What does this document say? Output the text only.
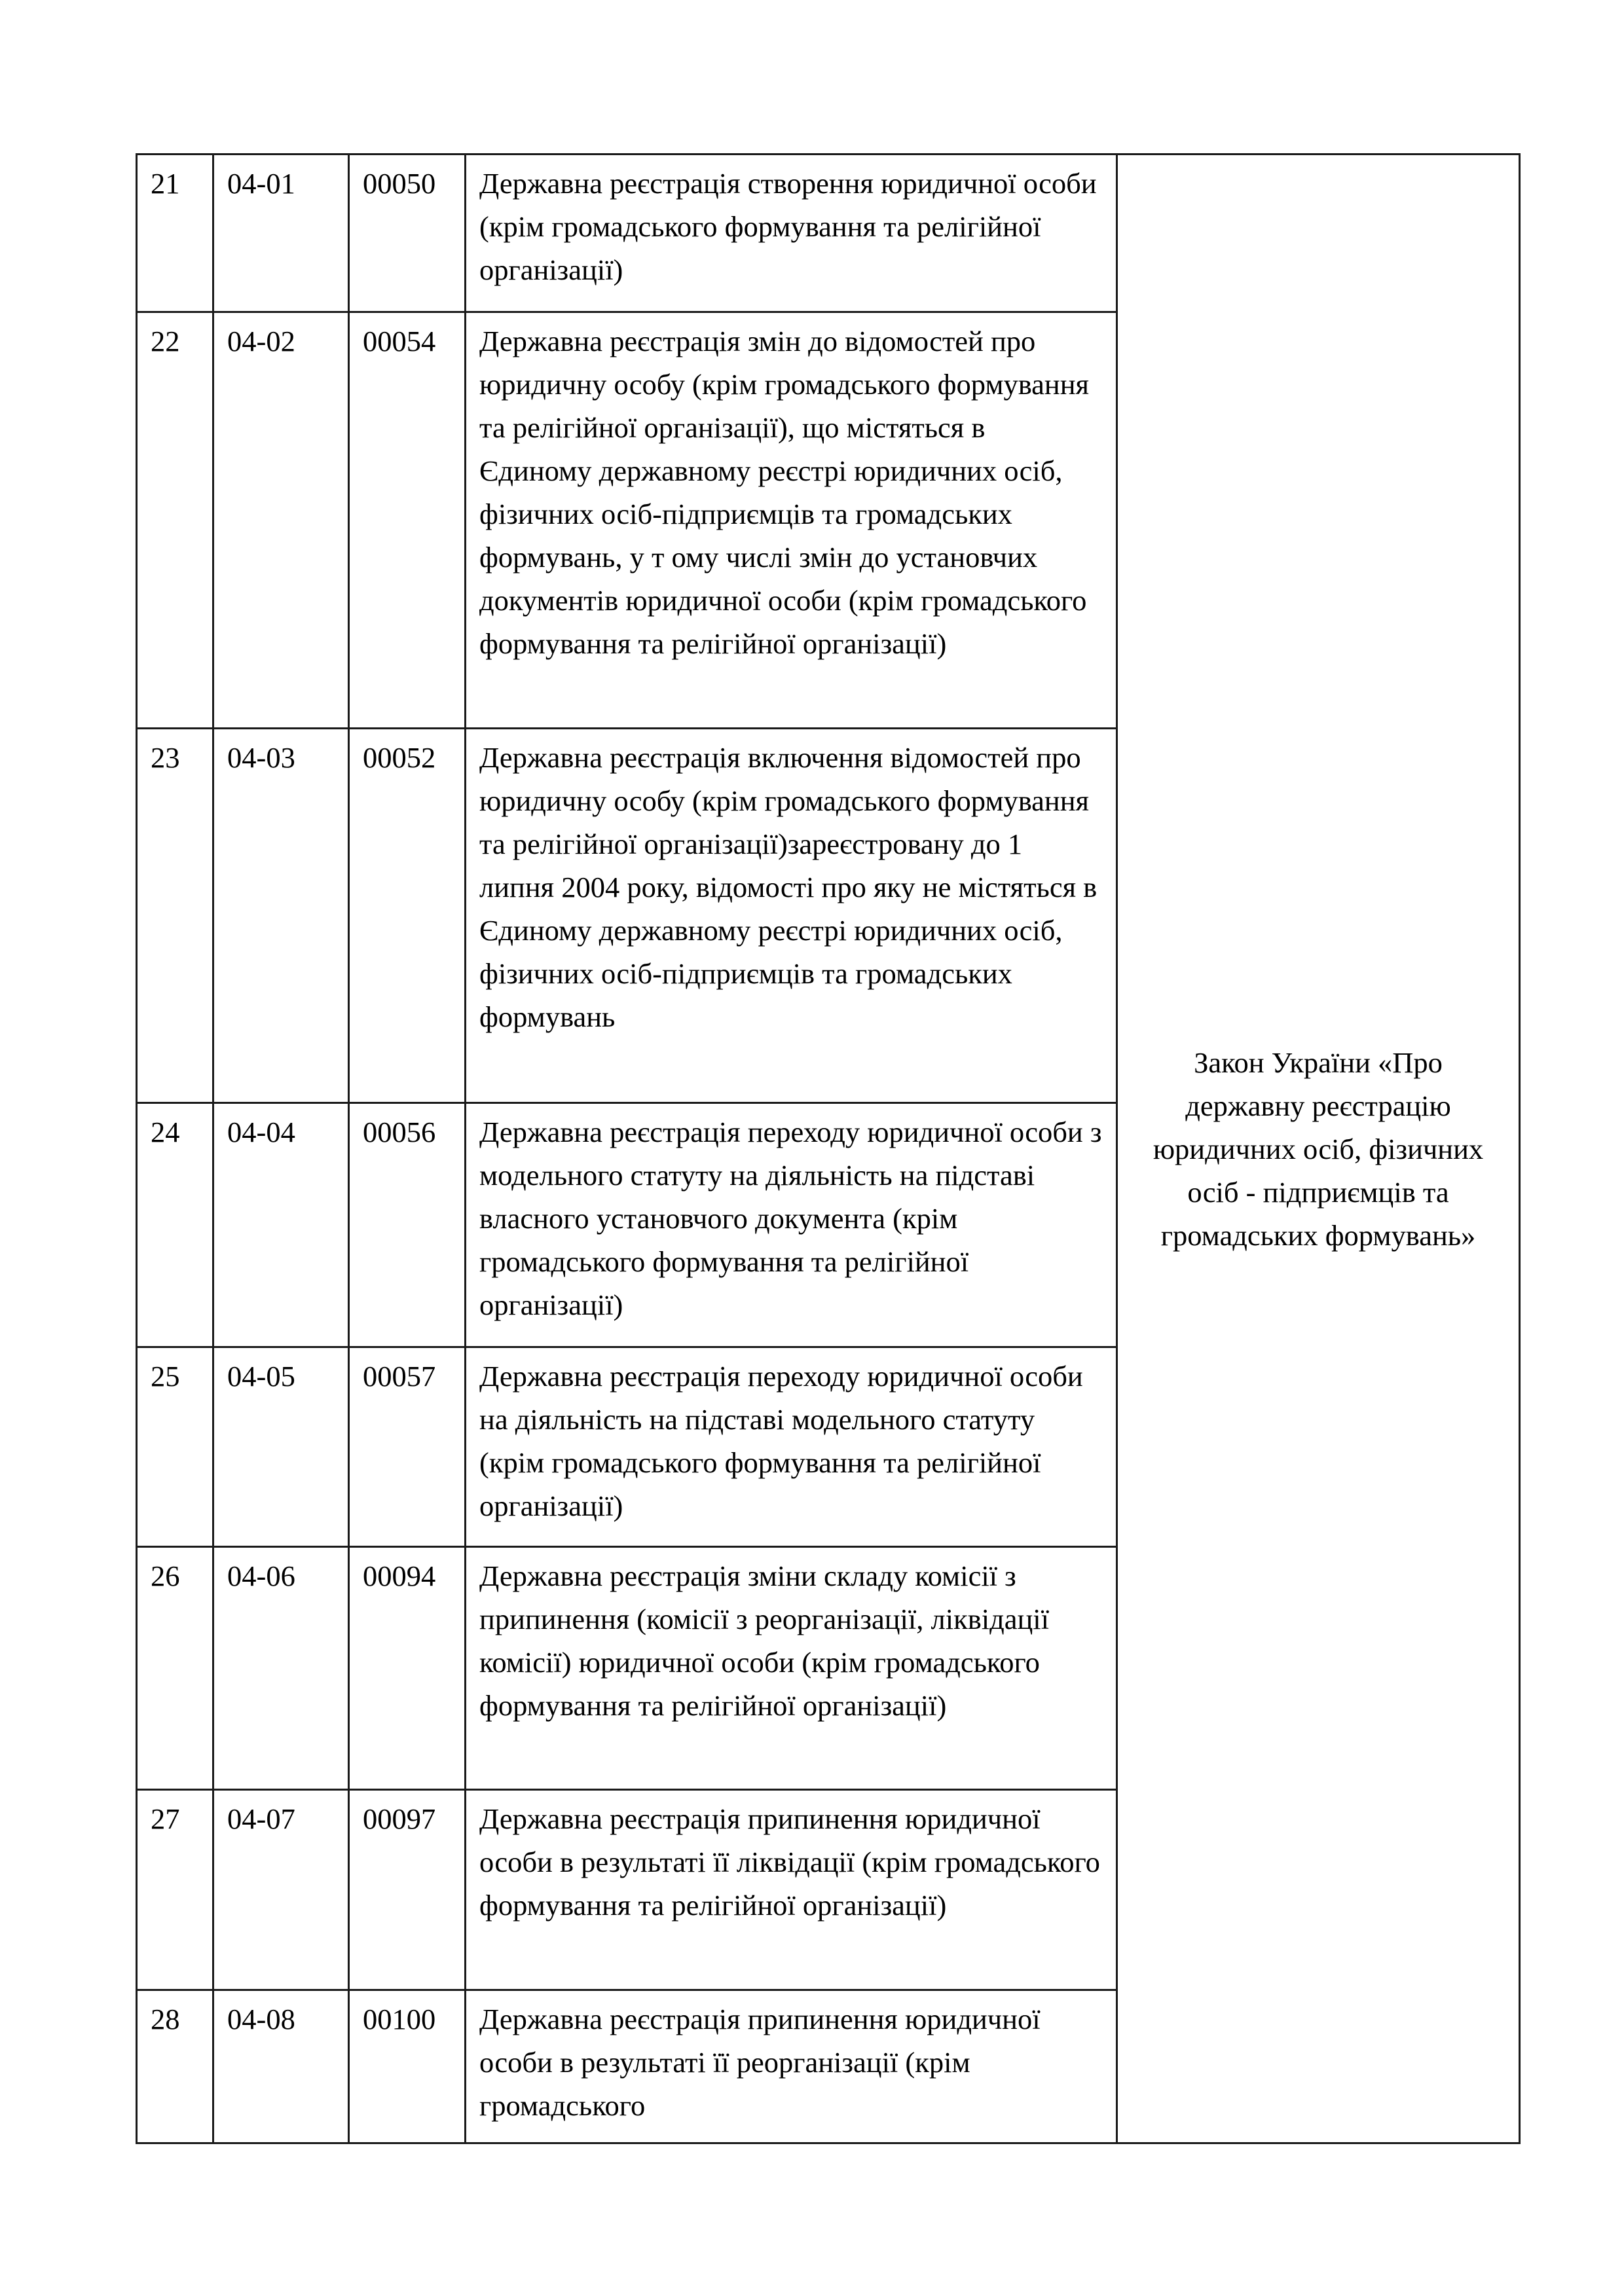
21	04-01	00050	Державна реєстрація створення юридичної особи (крім громадського формування та релігійної організації)	Закон України «Про державну реєстрацію юридичних осіб, фізичних осіб - підприємців та громадських формувань»
22	04-02	00054	Державна реєстрація змін до відомостей про юридичну особу (крім громадського формування та релігійної організації), що містяться в Єдиному державному реєстрі юридичних осіб, фізичних осіб-підприємців та громадських формувань, у т ому числі змін до установчих документів юридичної особи (крім громадського формування та релігійної організації)	
23	04-03	00052	Державна реєстрація включення відомостей про юридичну особу (крім громадського формування та релігійної організації)зареєстровану до 1 липня 2004 року, відомості про яку не містяться в Єдиному державному реєстрі юридичних осіб, фізичних осіб-підприємців та громадських формувань	
24	04-04	00056	Державна реєстрація переходу юридичної особи з модельного статуту на діяльність на підставі власного установчого документа (крім громадського формування та релігійної організації)	
25	04-05	00057	Державна реєстрація переходу юридичної особи на діяльність на підставі модельного статуту (крім громадського формування та релігійної організації)	
26	04-06	00094	Державна реєстрація зміни складу комісії з припинення (комісії з реорганізації, ліквідації комісії) юридичної особи (крім громадського формування та релігійної організації)	
27	04-07	00097	Державна реєстрація припинення юридичної особи в результаті її ліквідації (крім громадського формування та релігійної організації)	
28	04-08	00100	Державна реєстрація припинення юридичної особи в результаті її реорганізації (крім громадського	
